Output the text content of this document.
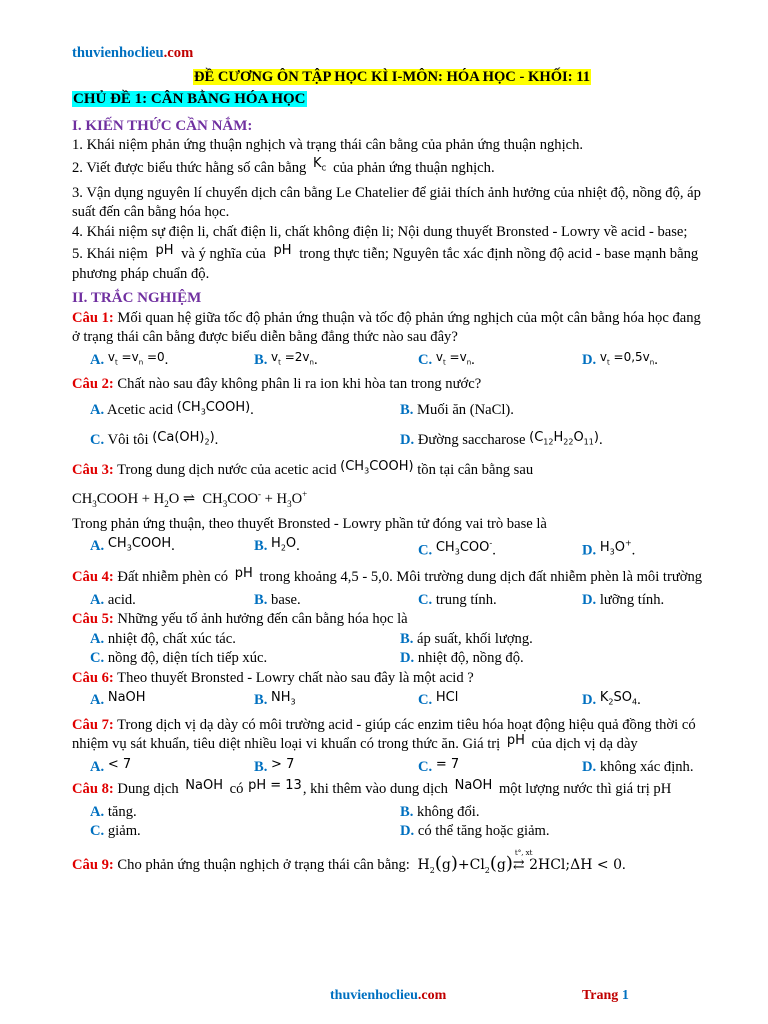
thuvienhoclieu.com
ĐỀ CƯƠNG ÔN TẬP HỌC KÌ I-MÔN: HÓA HỌC - KHỐI: 11
CHỦ ĐỀ 1: CÂN BẰNG HÓA HỌC
I. KIẾN THỨC CẦN NẮM:

1. Khái niệm phản ứng thuận nghịch và trạng thái cân bằng của phản ứng thuận nghịch.

2. Viết được biểu thức hằng số cân bằng $K_C$ của phản ứng thuận nghịch.

3. Vận dụng nguyên lí chuyển dịch cân bằng Le Chatelier để giải thích ảnh hưởng của nhiệt độ, nồng độ, áp suất đến cân bằng hóa học.

4. Khái niệm sự điện li, chất điện li, chất không điện li; Nội dung thuyết Bronsted - Lowry về acid - base;

5. Khái niệm pH và ý nghĩa của pH trong thực tiễn; Nguyên tắc xác định nồng độ acid - base mạnh bằng phương pháp chuẩn độ.

II. TRẮC NGHIỆM

Câu 1: Mối quan hệ giữa tốc độ phản ứng thuận và tốc độ phản ứng nghịch của một cân bằng hóa học đang ở trạng thái cân bằng được biểu diễn bằng đẳng thức nào sau đây?

A. $^{v_t =v_n =0}$.	B. $^{v_t =2v_n}$.	C. $^{v_t =v_n}$.	D. $^{v_t =0,5v_n}$.

Câu 2: Chất nào sau đây không phân li ra ion khi hòa tan trong nước?

A. Acetic acid $(CH_3COOH)$.	B. Muối ăn (NaCl).
C. Vôi tôi $(Ca(OH)_2)$.	D. Đường saccharose $(C_{12}H_{22}O_{11})$.

Câu 3: Trong dung dịch nước của acetic acid $(CH_3COOH)$ tồn tại cân bằng sau

$CH_3COOH + H_2O$ ⇌  $CH_3COO^- + H_3O^+$

Trong phản ứng thuận, theo thuyết Bronsted - Lowry phần tử đóng vai trò base là

A. $CH_3COOH$.	B. $H_2O$.	C. $CH_3COO^-$.	D. $H_3O^+$.

Câu 4: Đất nhiễm phèn có pH trong khoảng 4,5 - 5,0. Môi trường dung dịch đất nhiễm phèn là môi trường

A. acid.	B. base.	C. trung tính.	D. lưỡng tính.

Câu 5: Những yếu tố ảnh hưởng đến cân bằng hóa học là

A. nhiệt độ, chất xúc tác.	B. áp suất, khối lượng.
C. nồng độ, diện tích tiếp xúc.	D. nhiệt độ, nồng độ.

Câu 6: Theo thuyết Bronsted - Lowry chất nào sau đây là một acid ?

A. NaOH	B. $NH_3$	C. HCl	D. $K_2SO_4$.

Câu 7: Trong dịch vị dạ dày có môi trường acid - giúp các enzim tiêu hóa hoạt động hiệu quả đồng thời có nhiệm vụ sát khuẩn, tiêu diệt nhiều loại vi khuẩn có trong thức ăn. Giá trị pH của dịch vị dạ dày

A. < 7	B. > 7	C. = 7	D. không xác định.

Câu 8: Dung dịch NaOH có pH = 13, khi thêm vào dung dịch NaOH một lượng nước thì giá trị pH

A. tăng.	B. không đổi.
C. giảm.	D. có thể tăng hoặc giảm.

Câu 9: Cho phản ứng thuận nghịch ở trạng thái cân bằng: $H_2(g)+Cl_2(g)$ t°, xt
⇄ 2HCl;ΔH < 0.

thuvienhoclieu.com	Trang 1
